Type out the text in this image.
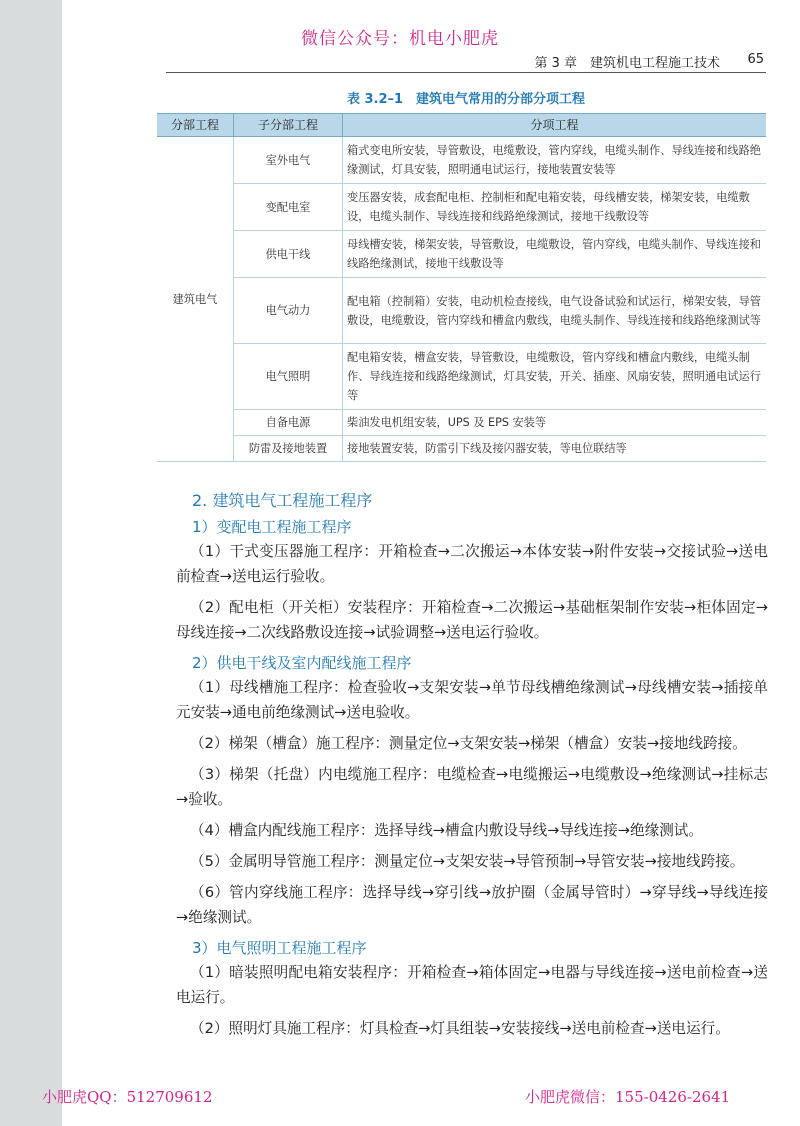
微信公众号：机电小肥虎
第 3 章　建筑机电工程施工技术 65
表 3.2–1　建筑电气常用的分部分项工程
分部工程	子分部工程	分项工程
建筑电气	室外电气	箱式变电所安装，导管敷设，电缆敷设，管内穿线，电缆头制作、导线连接和线路绝缘测试，灯具安装，照明通电试运行，接地装置安装等
	变配电室	变压器安装，成套配电柜、控制柜和配电箱安装，母线槽安装，梯架安装，电缆敷设，电缆头制作、导线连接和线路绝缘测试，接地干线敷设等
	供电干线	母线槽安装，梯架安装，导管敷设，电缆敷设，管内穿线，电缆头制作、导线连接和线路绝缘测试，接地干线敷设等
	电气动力	配电箱（控制箱）安装，电动机检查接线，电气设备试验和试运行，梯架安装，导管敷设，电缆敷设，管内穿线和槽盒内敷线，电缆头制作、导线连接和线路绝缘测试等
	电气照明	配电箱安装，槽盒安装，导管敷设，电缆敷设，管内穿线和槽盒内敷线，电缆头制作、导线连接和线路绝缘测试，灯具安装，开关、插座、风扇安装，照明通电试运行等
	自备电源	柴油发电机组安装，UPS 及 EPS 安装等
	防雷及接地装置	接地装置安装，防雷引下线及接闪器安装，等电位联结等
2. 建筑电气工程施工程序
1）变配电工程施工程序

（1）干式变压器施工程序：开箱检查→二次搬运→本体安装→附件安装→交接试验→送电前检查→送电运行验收。

（2）配电柜（开关柜）安装程序：开箱检查→二次搬运→基础框架制作安装→柜体固定→母线连接→二次线路敷设连接→试验调整→送电运行验收。

2）供电干线及室内配线施工程序

（1）母线槽施工程序：检查验收→支架安装→单节母线槽绝缘测试→母线槽安装→插接单元安装→通电前绝缘测试→送电验收。

（2）梯架（槽盒）施工程序：测量定位→支架安装→梯架（槽盒）安装→接地线跨接。

（3）梯架（托盘）内电缆施工程序：电缆检查→电缆搬运→电缆敷设→绝缘测试→挂标志→验收。

（4）槽盒内配线施工程序：选择导线→槽盒内敷设导线→导线连接→绝缘测试。

（5）金属明导管施工程序：测量定位→支架安装→导管预制→导管安装→接地线跨接。

（6）管内穿线施工程序：选择导线→穿引线→放护圈（金属导管时）→穿导线→导线连接→绝缘测试。

3）电气照明工程施工程序

（1）暗装照明配电箱安装程序：开箱检查→箱体固定→电器与导线连接→送电前检查→送电运行。

（2）照明灯具施工程序：灯具检查→灯具组装→安装接线→送电前检查→送电运行。

小肥虎QQ：512709612	小肥虎微信：155-0426-2641
